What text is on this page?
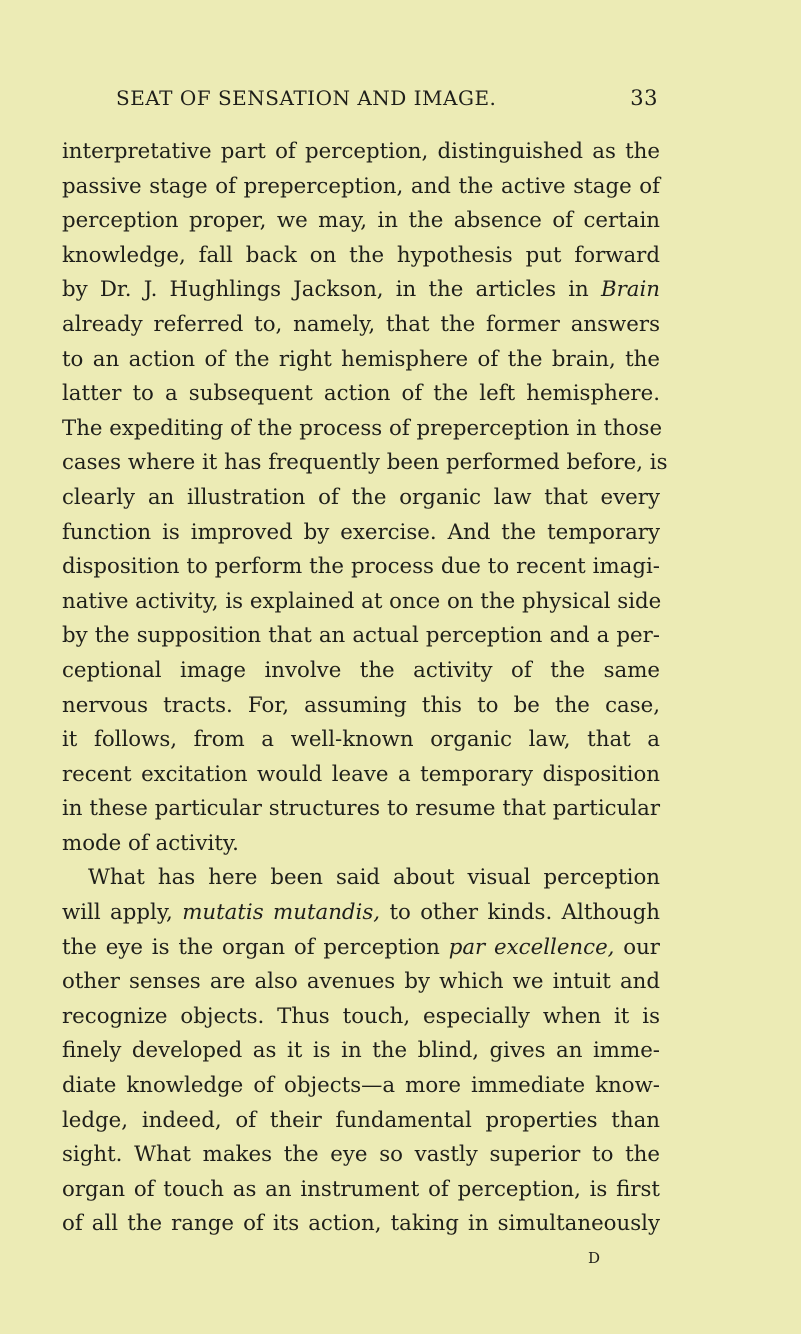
SEAT OF SENSATION AND IMAGE.	33
interpretative part of perception, distinguished as the
passive stage of preperception, and the active stage of
perception proper, we may, in the absence of certain
knowledge, fall back on the hypothesis put forward
by Dr. J. Hughlings Jackson, in the articles in Brain
already referred to, namely, that the former answers
to an action of the right hemisphere of the brain, the
latter to a subsequent action of the left hemisphere.
The expediting of the process of preperception in those
cases where it has frequently been performed before, is
clearly an illustration of the organic law that every
function is improved by exercise. And the temporary
disposition to perform the process due to recent imagi-
native activity, is explained at once on the physical side
by the supposition that an actual perception and a per-
ceptional image involve the activity of the same
nervous tracts. For, assuming this to be the case,
it follows, from a well-known organic law, that a
recent excitation would leave a temporary disposition
in these particular structures to resume that particular
mode of activity.
What has here been said about visual perception
will apply, mutatis mutandis, to other kinds. Although
the eye is the organ of perception par excellence, our
other senses are also avenues by which we intuit and
recognize objects. Thus touch, especially when it is
finely developed as it is in the blind, gives an imme-
diate knowledge of objects—a more immediate know-
ledge, indeed, of their fundamental properties than
sight. What makes the eye so vastly superior to the
organ of touch as an instrument of perception, is first
of all the range of its action, taking in simultaneously
D
